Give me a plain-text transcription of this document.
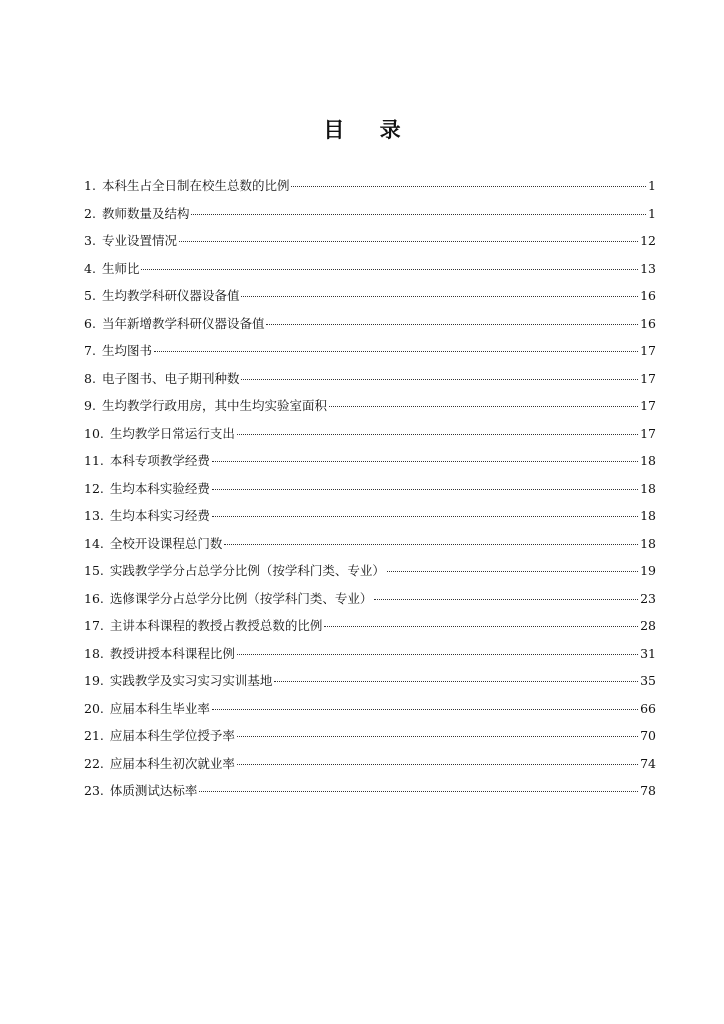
目 录
1. 本科生占全日制在校生总数的比例	1
2. 教师数量及结构	1
3. 专业设置情况	12
4. 生师比	13
5. 生均教学科研仪器设备值	16
6. 当年新增教学科研仪器设备值	16
7. 生均图书	17
8. 电子图书、电子期刊种数	17
9. 生均教学行政用房，其中生均实验室面积	17
10. 生均教学日常运行支出	17
11. 本科专项教学经费	18
12. 生均本科实验经费	18
13. 生均本科实习经费	18
14. 全校开设课程总门数	18
15. 实践教学学分占总学分比例（按学科门类、专业）	19
16. 选修课学分占总学分比例（按学科门类、专业）	23
17. 主讲本科课程的教授占教授总数的比例	28
18. 教授讲授本科课程比例	31
19. 实践教学及实习实习实训基地	35
20. 应届本科生毕业率	66
21. 应届本科生学位授予率	70
22. 应届本科生初次就业率	74
23. 体质测试达标率	78
